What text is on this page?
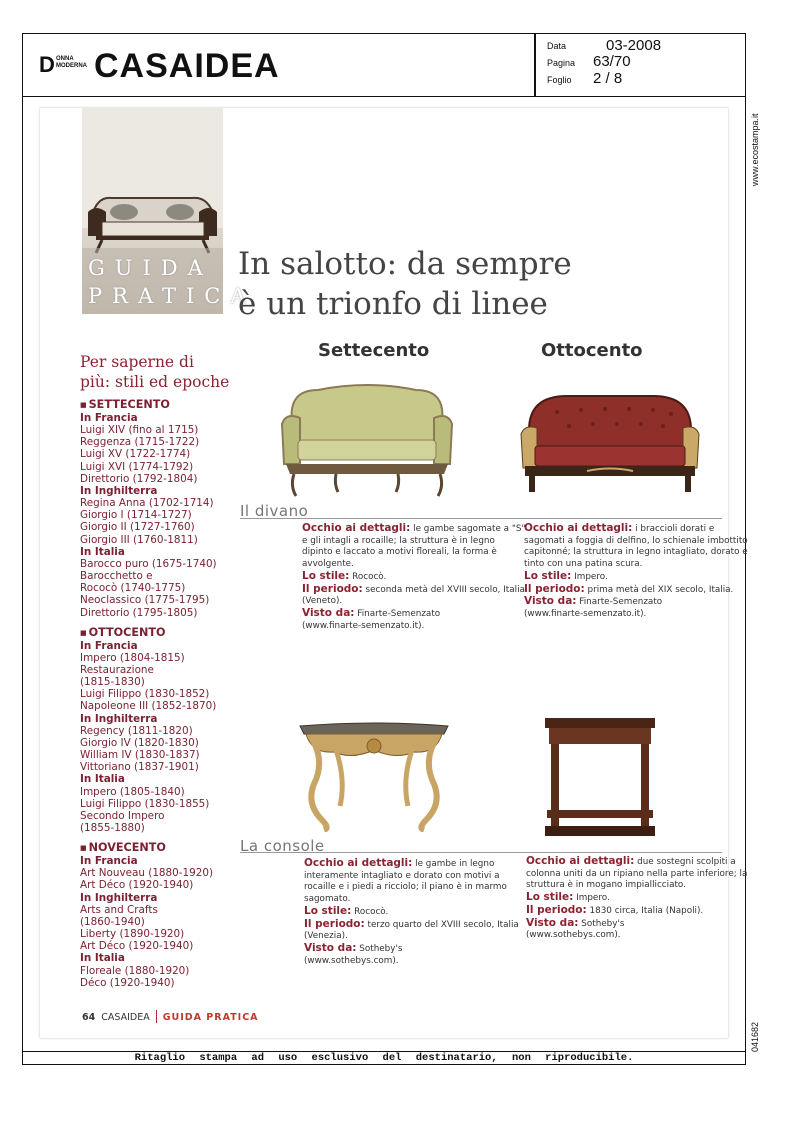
D ONNA MODERNA CASAIDEA
Data
Pagina
Foglio
03-2008
63/70
2 / 8
Ritaglio stampa ad uso esclusivo del destinatario, non riproducibile.
www.ecostampa.it
041682
GUIDA
PRATICA
In salotto: da sempre
è un trionfo di linee
Settecento	Ottocento
Il divano
Per saperne di
più: stili ed epoche
■ SETTECENTO
In Francia
Luigi XIV (fino al 1715)
Reggenza (1715-1722)
Luigi XV (1722-1774)
Luigi XVI (1774-1792)
Direttorio (1792-1804)
In Inghilterra
Regina Anna (1702-1714)
Giorgio I (1714-1727)
Giorgio II (1727-1760)
Giorgio III (1760-1811)
In Italia
Barocco puro (1675-1740)
Barocchetto e
Rococò (1740-1775)
Neoclassico (1775-1795)
Direttorio (1795-1805)
■ OTTOCENTO
In Francia
Impero (1804-1815)
Restaurazione
(1815-1830)
Luigi Filippo (1830-1852)
Napoleone III (1852-1870)
In Inghilterra
Regency (1811-1820)
Giorgio IV (1820-1830)
William IV (1830-1837)
Vittoriano (1837-1901)
In Italia
Impero (1805-1840)
Luigi Filippo (1830-1855)
Secondo Impero
(1855-1880)
■ NOVECENTO
In Francia
Art Nouveau (1880-1920)
Art Déco (1920-1940)
In Inghilterra
Arts and Crafts
(1860-1940)
Liberty (1890-1920)
Art Déco (1920-1940)
In Italia
Floreale (1880-1920)
Déco (1920-1940)

Occhio ai dettagli: le gambe sagomate a "S" e gli intagli a rocaille; la struttura è in legno dipinto e laccato a motivi floreali, la forma è avvolgente.

Lo stile: Rococò.

Il periodo: seconda metà del XVIII secolo, Italia (Veneto).

Visto da: Finarte-Semenzato

(www.finarte-semenzato.it).

Occhio ai dettagli: i braccioli dorati e sagomati a foggia di delfino, lo schienale imbottito capitonné; la struttura in legno intagliato, dorato e tinto con una patina scura.

Lo stile: Impero.

Il periodo: prima metà del XIX secolo, Italia.

Visto da: Finarte-Semenzato

(www.finarte-semenzato.it).

La console

Occhio ai dettagli: le gambe in legno interamente intagliato e dorato con motivi a rocaille e i piedi a ricciolo; il piano è in marmo sagomato.

Lo stile: Rococò.

Il periodo: terzo quarto del XVIII secolo, Italia (Venezia).

Visto da: Sotheby's

(www.sothebys.com).

Occhio ai dettagli: due sostegni scolpiti a colonna uniti da un ripiano nella parte inferiore; la struttura è in mogano impiallicciato.

Lo stile: Impero.

Il periodo: 1830 circa, Italia (Napoli).

Visto da: Sotheby's

(www.sothebys.com).

64 CASAIDEA GUIDA PRATICA
